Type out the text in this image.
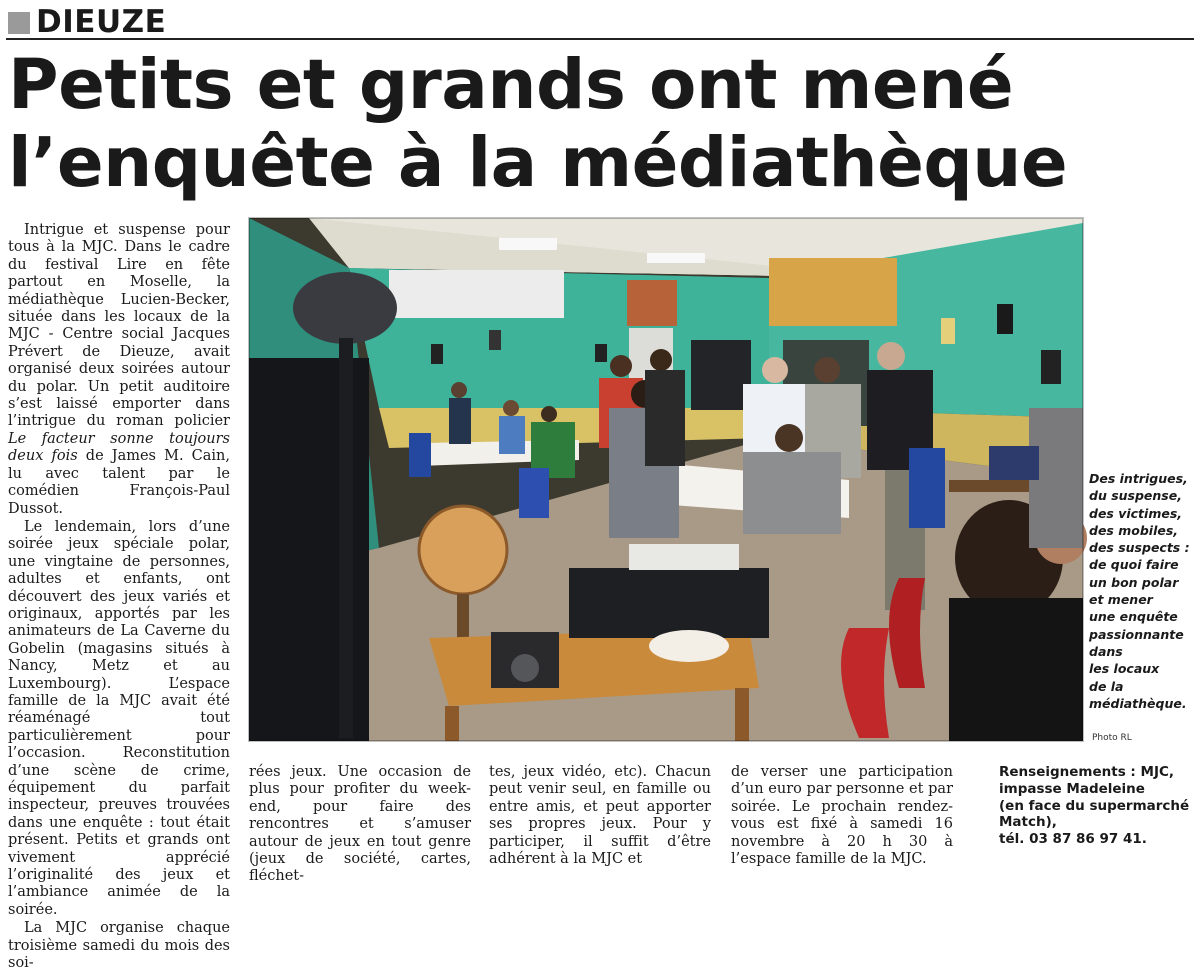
DIEUZE
Petits et grands ont mené
l’enquête à la médiathèque

Intrigue et suspense pour tous à la MJC. Dans le cadre du festival Lire en fête partout en Moselle, la médiathèque Lucien-Becker, située dans les locaux de la MJC - Centre social Jacques Prévert de Dieuze, avait organisé deux soirées autour du polar. Un petit auditoire s’est laissé emporter dans l’intrigue du roman policier Le facteur sonne toujours deux fois de James M. Cain, lu avec talent par le comédien François-Paul Dussot.

Le lendemain, lors d’une soirée jeux spéciale polar, une vingtaine de personnes, adultes et enfants, ont découvert des jeux variés et originaux, apportés par les animateurs de La Caverne du Gobelin (magasins situés à Nancy, Metz et au Luxembourg). L’espace famille de la MJC avait été réaménagé tout particulièrement pour l’occasion. Reconstitution d’une scène de crime, équipement du parfait inspecteur, preuves trouvées dans une enquête : tout était présent. Petits et grands ont vivement apprécié l’originalité des jeux et l’ambiance animée de la soirée.

La MJC organise chaque troisième samedi du mois des soi-

Des intrigues,
du suspense,
des victimes,
des mobiles,
des suspects :
de quoi faire
un bon polar
et mener
une enquête
passionnante
dans
les locaux
de la
médiathèque.
Photo RL

rées jeux. Une occasion de plus pour profiter du week-end, pour faire des rencontres et s’amuser autour de jeux en tout genre (jeux de société, cartes, fléchet-

tes, jeux vidéo, etc). Chacun peut venir seul, en famille ou entre amis, et peut apporter ses propres jeux. Pour y participer, il suffit d’être adhérent à la MJC et

de verser une participation d’un euro par personne et par soirée. Le prochain rendez-vous est fixé à samedi 16 novembre à 20 h 30 à l’espace famille de la MJC.

Renseignements : MJC,
impasse Madeleine
(en face du supermarché
Match),
tél. 03 87 86 97 41.
